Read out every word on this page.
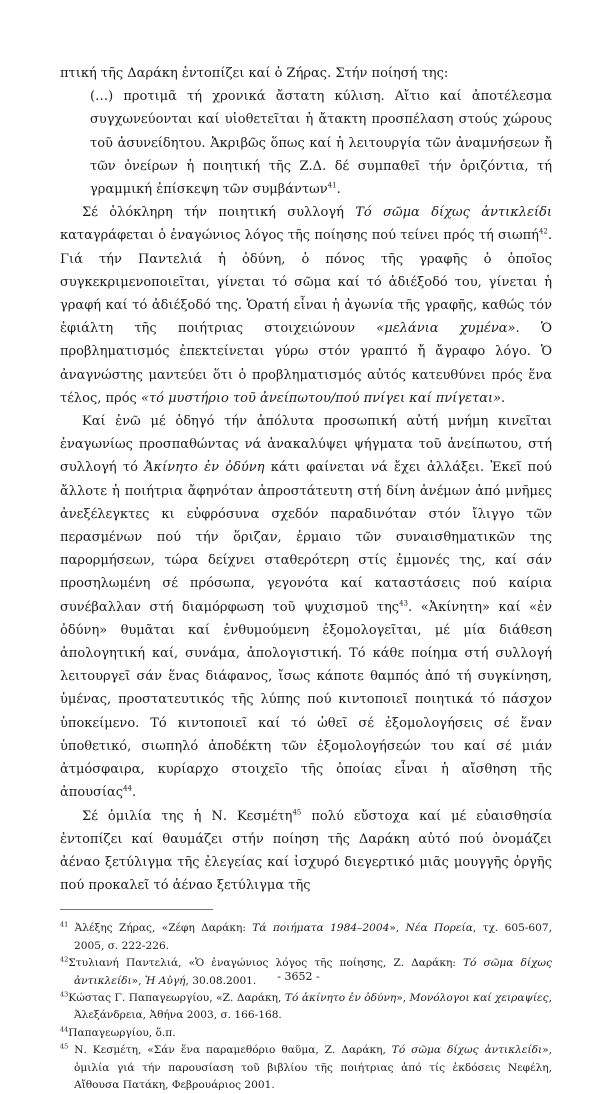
πτική τῆς Δαράκη ἐντοπίζει καί ὁ Ζήρας. Στήν ποίησή της:

(…) προτιμᾶ τή χρονικά ἄστατη κύλιση. Αἴτιο καί ἀποτέλεσμα συγχωνεύονται καί υἱοθετεῖται ἡ ἄτακτη προσπέλαση στούς χώρους τοῦ ἀσυνείδητου. Ἀκριβῶς ὅπως καί ἡ λειτουργία τῶν ἀναμνήσεων ἤ τῶν ὀνείρων ἡ ποιητική τῆς Ζ.Δ. δέ συμπαθεῖ τήν ὁριζόντια, τή γραμμική ἐπίσκεψη τῶν συμβάντων$^{41}$.

Σέ ὁλόκληρη τήν ποιητική συλλογή Τό σῶμα δίχως ἀντικλείδι καταγράφεται ὁ ἐναγώνιος λόγος τῆς ποίησης πού τείνει πρός τή σιωπή$^{42}$. Γιά τήν Παντελιά ἡ ὀδύνη, ὁ πόνος τῆς γραφῆς ὁ ὁποῖος συγκεκριμενοποιεῖται, γίνεται τό σῶμα καί τό ἀδιέξοδό του, γίνεται ἡ γραφή καί τό ἀδιέξοδό της. Ὁρατή εἶναι ἡ ἀγωνία τῆς γραφῆς, καθώς τόν ἐφιάλτη τῆς ποιήτριας στοιχειώνουν «μελάνια χυμένα». Ὁ προβληματισμός ἐπεκτείνεται γύρω στόν γραπτό ἤ ἄγραφο λόγο. Ὁ ἀναγνώστης μαντεύει ὅτι ὁ προβληματισμός αὐτός κατευθύνει πρός ἕνα τέλος, πρός «τό μυστήριο τοῦ ἀνείπωτου/πού πνίγει καί πνίγεται».

Καί ἐνῶ μέ ὁδηγό τήν ἀπόλυτα προσωπική αὐτή μνήμη κινεῖται ἐναγωνίως προσπαθώντας νά ἀνακαλύψει ψήγματα τοῦ ἀνείπωτου, στή συλλογή τό Ἀκίνητο ἐν ὀδύνη κάτι φαίνεται νά ἔχει ἀλλάξει. Ἐκεῖ πού ἄλλοτε ἡ ποιήτρια ἄφηνόταν ἀπροστάτευτη στή δίνη ἀνέμων ἀπό μνῆμες ἀνεξέλεγκτες κι εὐφρόσυνα σχεδόν παραδινόταν στόν ἴλιγγο τῶν περασμένων πού τήν ὅριζαν, ἑρμαιο τῶν συναισθηματικῶν της παρορμήσεων, τώρα δείχνει σταθερότερη στίς ἐμμονές της, καί σάν προσηλωμένη σέ πρόσωπα, γεγονότα καί καταστάσεις πού καίρια συνέβαλλαν στή διαμόρφωση τοῦ ψυχισμοῦ της$^{43}$. «Ἀκίνητη» καί «ἐν ὀδύνη» θυμᾶται καί ἐνθυμούμενη ἐξομολογεῖται, μέ μία διάθεση ἀπολογητική καί, συνάμα, ἀπολογιστική. Τό κάθε ποίημα στή συλλογή λειτουργεῖ σάν ἕνας διάφανος, ἴσως κάποτε θαμπός ἀπό τή συγκίνηση, ὑμένας, προστατευτικός τῆς λύπης πού κιντοποιεῖ ποιητικά τό πάσχον ὑποκείμενο. Τό κιντοποιεῖ καί τό ὠθεῖ σέ ἐξομολογήσεις σέ ἕναν ὑποθετικό, σιωπηλό ἀποδέκτη τῶν ἐξομολογήσεών του καί σέ μιάν ἀτμόσφαιρα, κυρίαρχο στοιχεῖο τῆς ὁποίας εἶναι ἡ αἴσθηση τῆς ἀπουσίας$^{44}$.

Σέ ὁμιλία της ἡ Ν. Κεσμέτη$^{45}$ πολύ εὔστοχα καί μέ εὐαισθησία ἐντοπίζει καί θαυμάζει στήν ποίηση τῆς Δαράκη αὐτό πού ὀνομάζει ἀέναο ξετύλιγμα τῆς ἐλεγείας καί ἰσχυρό διεγερτικό μιᾶς μουγγῆς ὀργῆς πού προκαλεῖ τό ἀέναο ξετύλιγμα τῆς

$^{41}$ Ἀλέξης Ζήρας, «Ζέφη Δαράκη: Τά ποιήματα 1984–2004», Νέα Πορεία, τχ. 605-607, 2005, σ. 222-226.

$^{42}$Στυλιανή Παντελιά, «Ὁ ἐναγώνιος λόγος τῆς ποίησης, Ζ. Δαράκη: Τό σῶμα δίχως ἀντικλείδι», Ἡ Αὐγή, 30.08.2001.

$^{43}$Κώστας Γ. Παπαγεωργίου, «Ζ. Δαράκη, Τό ἀκίνητο ἐν ὀδύνη», Μονόλογοι καί χειραψίες, Ἀλεξάνδρεια, Ἀθήνα 2003, σ. 166-168.

$^{44}$Παπαγεωργίου, ὅ.π.

$^{45}$ Ν. Κεσμέτη, «Σάν ἕνα παραμεθόριο θαῦμα, Ζ. Δαράκη, Τό σῶμα δίχως ἀντικλείδι», ὁμιλία γιά τήν παρουσίαση τοῦ βιβλίου τῆς ποιήτριας ἀπό τίς ἐκδόσεις Νεφέλη, Αἴθουσα Πατάκη, Φεβρουάριος 2001.

- 3652 -
